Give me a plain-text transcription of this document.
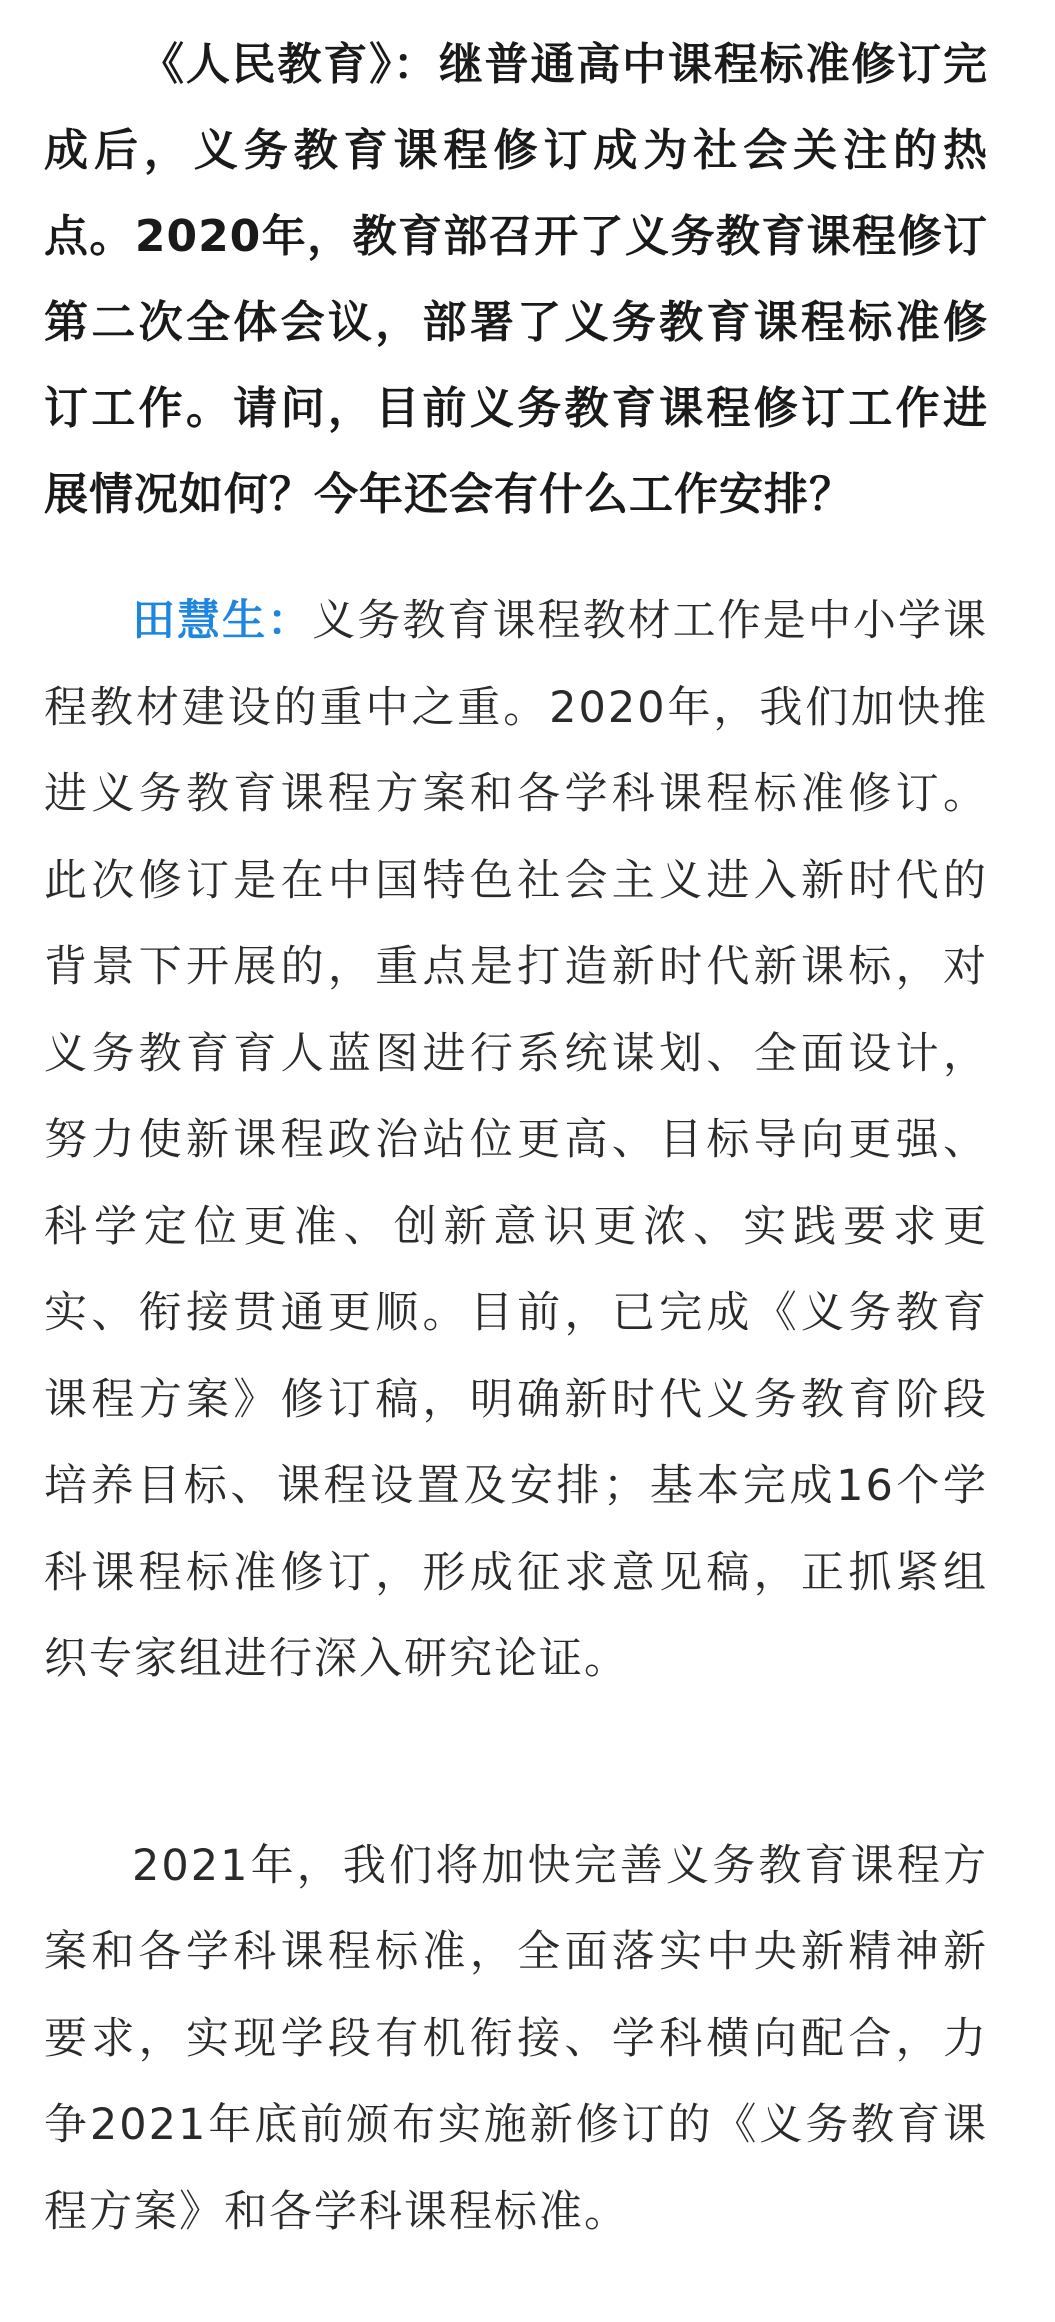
《人民教育》：继普通高中课程标准修订完成后，义务教育课程修订成为社会关注的热点。2020年，教育部召开了义务教育课程修订第二次全体会议，部署了义务教育课程标准修订工作。请问，目前义务教育课程修订工作进展情况如何？今年还会有什么工作安排？

田慧生：义务教育课程教材工作是中小学课程教材建设的重中之重。2020年，我们加快推进义务教育课程方案和各学科课程标准修订。此次修订是在中国特色社会主义进入新时代的背景下开展的，重点是打造新时代新课标，对义务教育育人蓝图进行系统谋划、全面设计，努力使新课程政治站位更高、目标导向更强、科学定位更准、创新意识更浓、实践要求更实、衔接贯通更顺。目前，已完成《义务教育课程方案》修订稿，明确新时代义务教育阶段培养目标、课程设置及安排；基本完成16个学科课程标准修订，形成征求意见稿，正抓紧组织专家组进行深入研究论证。

2021年，我们将加快完善义务教育课程方案和各学科课程标准，全面落实中央新精神新要求，实现学段有机衔接、学科横向配合，力争2021年底前颁布实施新修订的《义务教育课程方案》和各学科课程标准。
